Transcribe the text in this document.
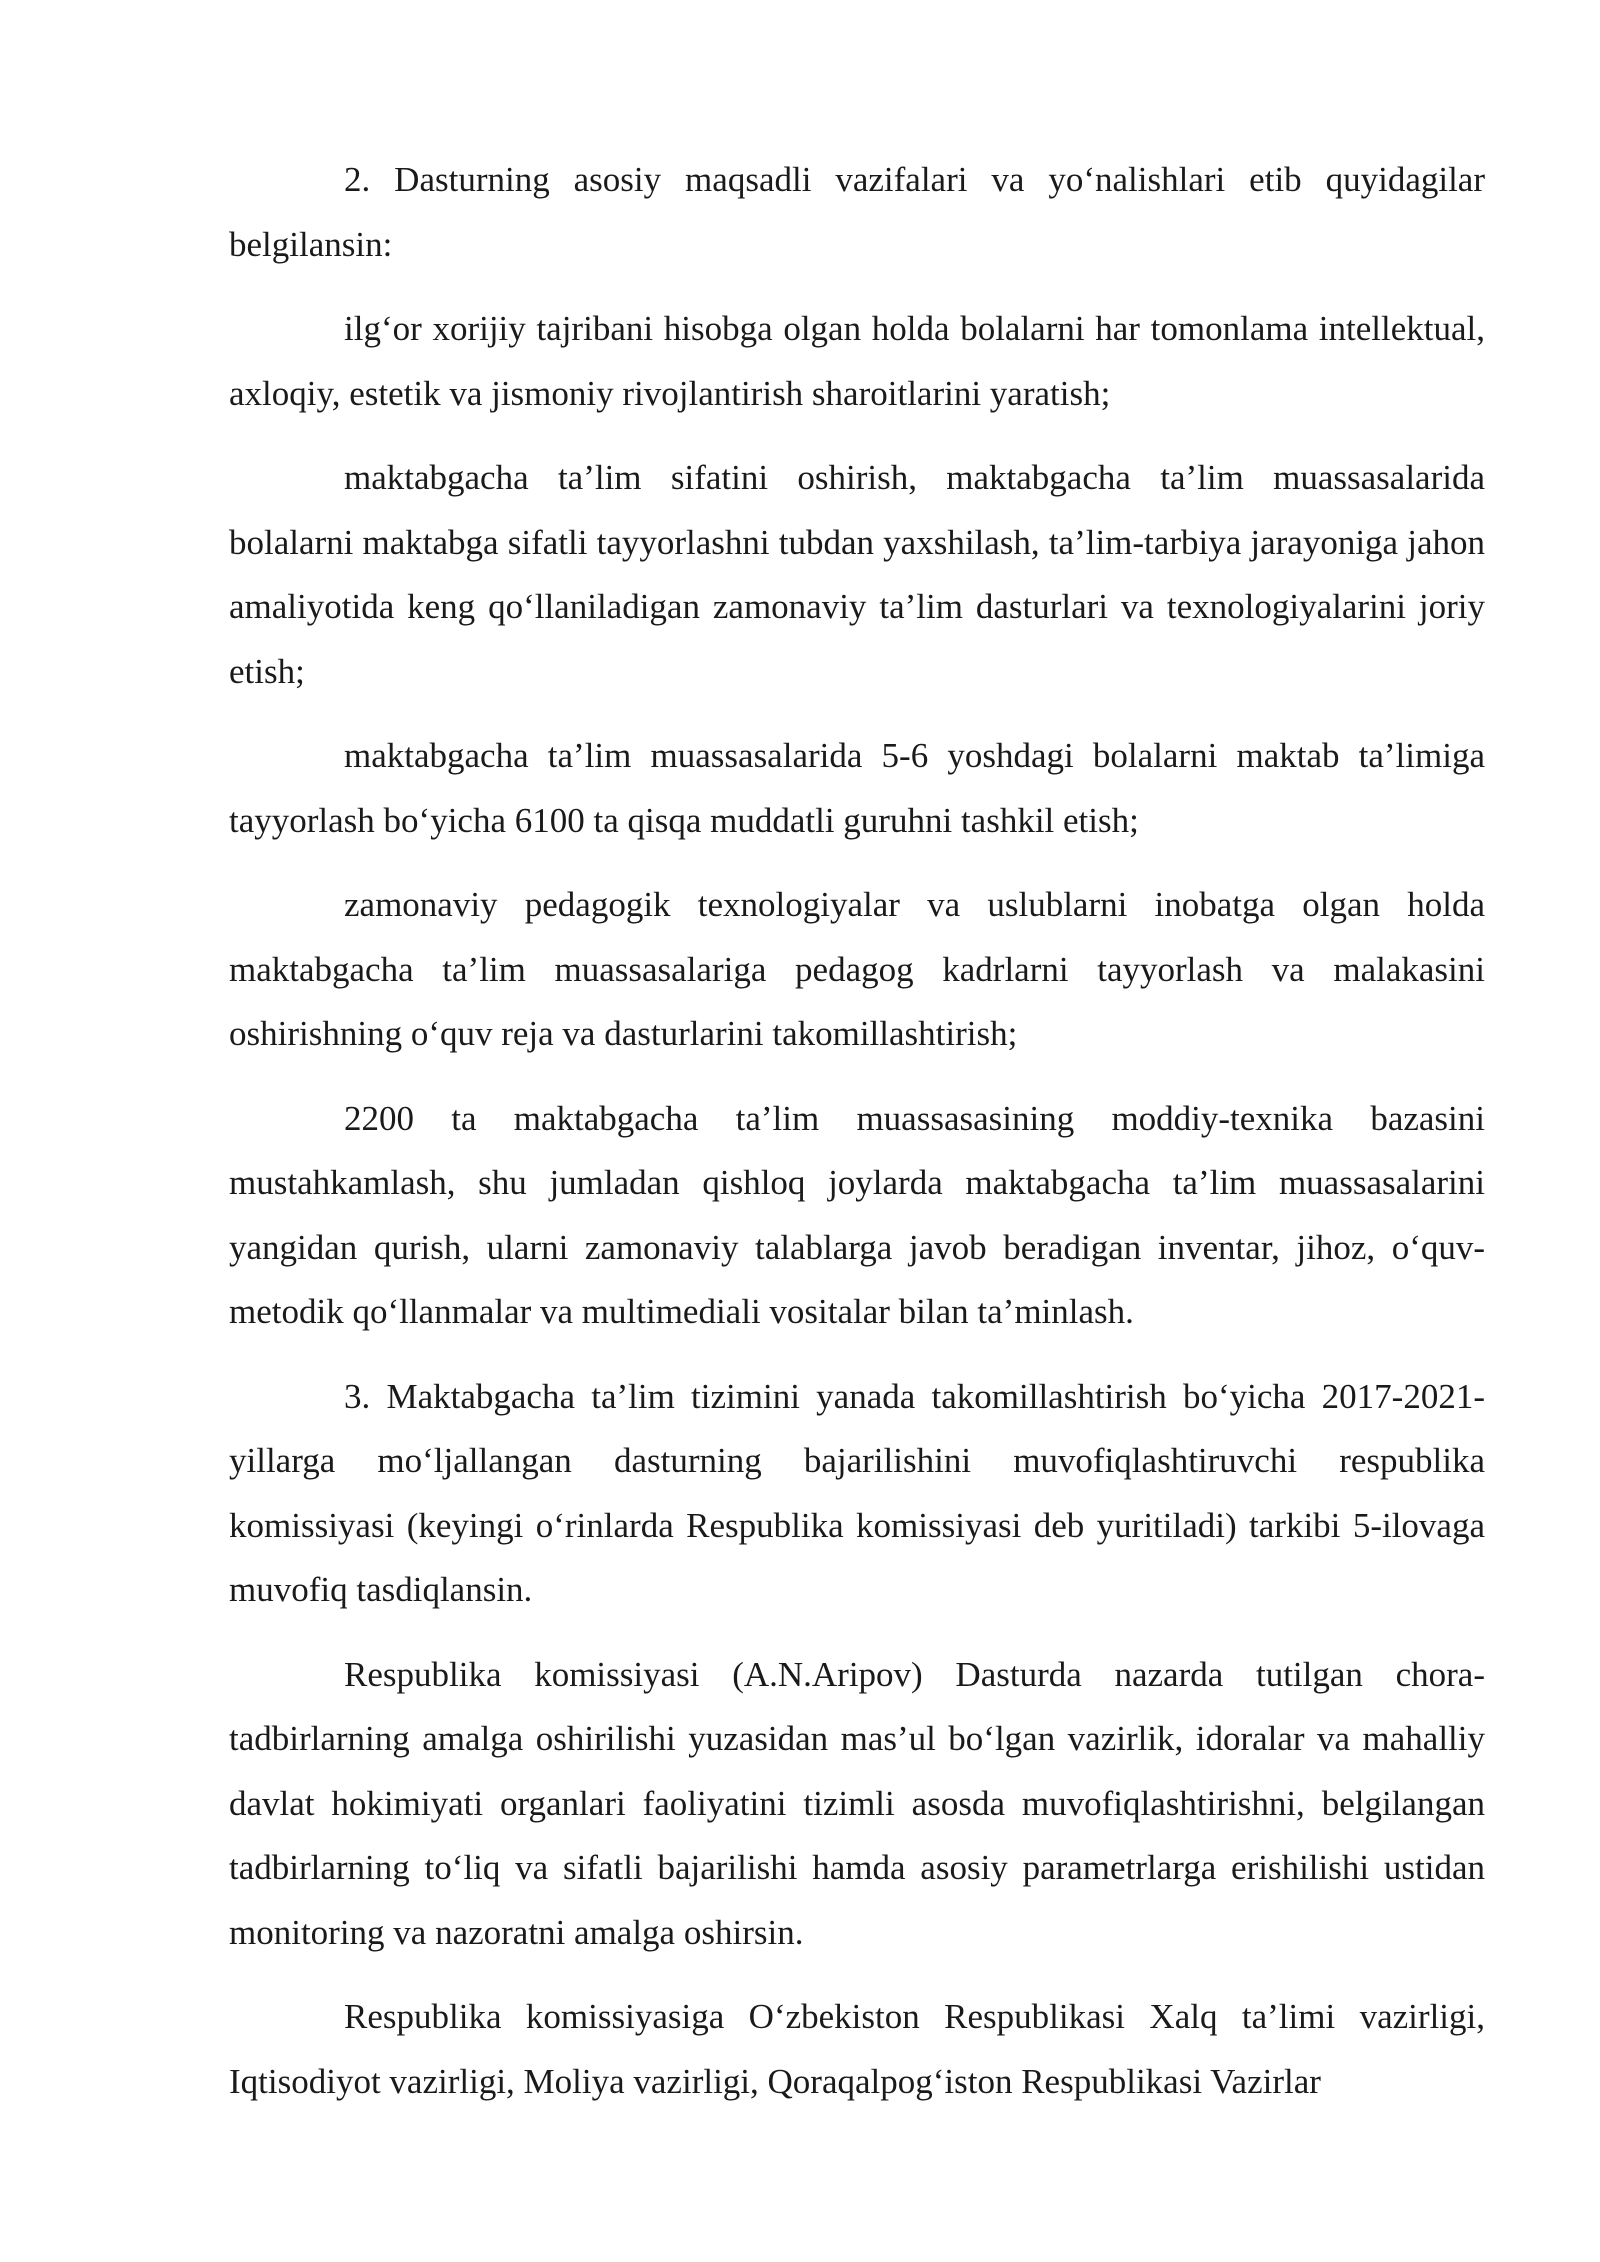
2. Dasturning asosiy maqsadli vazifalari va yo‘nalishlari etib quyidagilar belgilansin:

ilg‘or xorijiy tajribani hisobga olgan holda bolalarni har tomonlama intellektual, axloqiy, estetik va jismoniy rivojlantirish sharoitlarini yaratish;

maktabgacha ta’lim sifatini oshirish, maktabgacha ta’lim muassasalarida bolalarni maktabga sifatli tayyorlashni tubdan yaxshilash, ta’lim-tarbiya jarayoniga jahon amaliyotida keng qo‘llaniladigan zamonaviy ta’lim dasturlari va texnologiyalarini joriy etish;

maktabgacha ta’lim muassasalarida 5-6 yoshdagi bolalarni maktab ta’limiga tayyorlash bo‘yicha 6100 ta qisqa muddatli guruhni tashkil etish;

zamonaviy pedagogik texnologiyalar va uslublarni inobatga olgan holda maktabgacha ta’lim muassasalariga pedagog kadrlarni tayyorlash va malakasini oshirishning o‘quv reja va dasturlarini takomillashtirish;

2200 ta maktabgacha ta’lim muassasasining moddiy-texnika bazasini mustahkamlash, shu jumladan qishloq joylarda maktabgacha ta’lim muassasalarini yangidan qurish, ularni zamonaviy talablarga javob beradigan inventar, jihoz, o‘quv-metodik qo‘llanmalar va multimediali vositalar bilan ta’minlash.

3. Maktabgacha ta’lim tizimini yanada takomillashtirish bo‘yicha 2017-2021-yillarga mo‘ljallangan dasturning bajarilishini muvofiqlashtiruvchi respublika komissiyasi (keyingi o‘rinlarda Respublika komissiyasi deb yuritiladi) tarkibi 5-ilovaga muvofiq tasdiqlansin.

Respublika komissiyasi (A.N.Aripov) Dasturda nazarda tutilgan chora-tadbirlarning amalga oshirilishi yuzasidan mas’ul bo‘lgan vazirlik, idoralar va mahalliy davlat hokimiyati organlari faoliyatini tizimli asosda muvofiqlashtirishni, belgilangan tadbirlarning to‘liq va sifatli bajarilishi hamda asosiy parametrlarga erishilishi ustidan monitoring va nazoratni amalga oshirsin.

Respublika komissiyasiga O‘zbekiston Respublikasi Xalq ta’limi vazirligi, Iqtisodiyot vazirligi, Moliya vazirligi, Qoraqalpog‘iston Respublikasi Vazirlar
